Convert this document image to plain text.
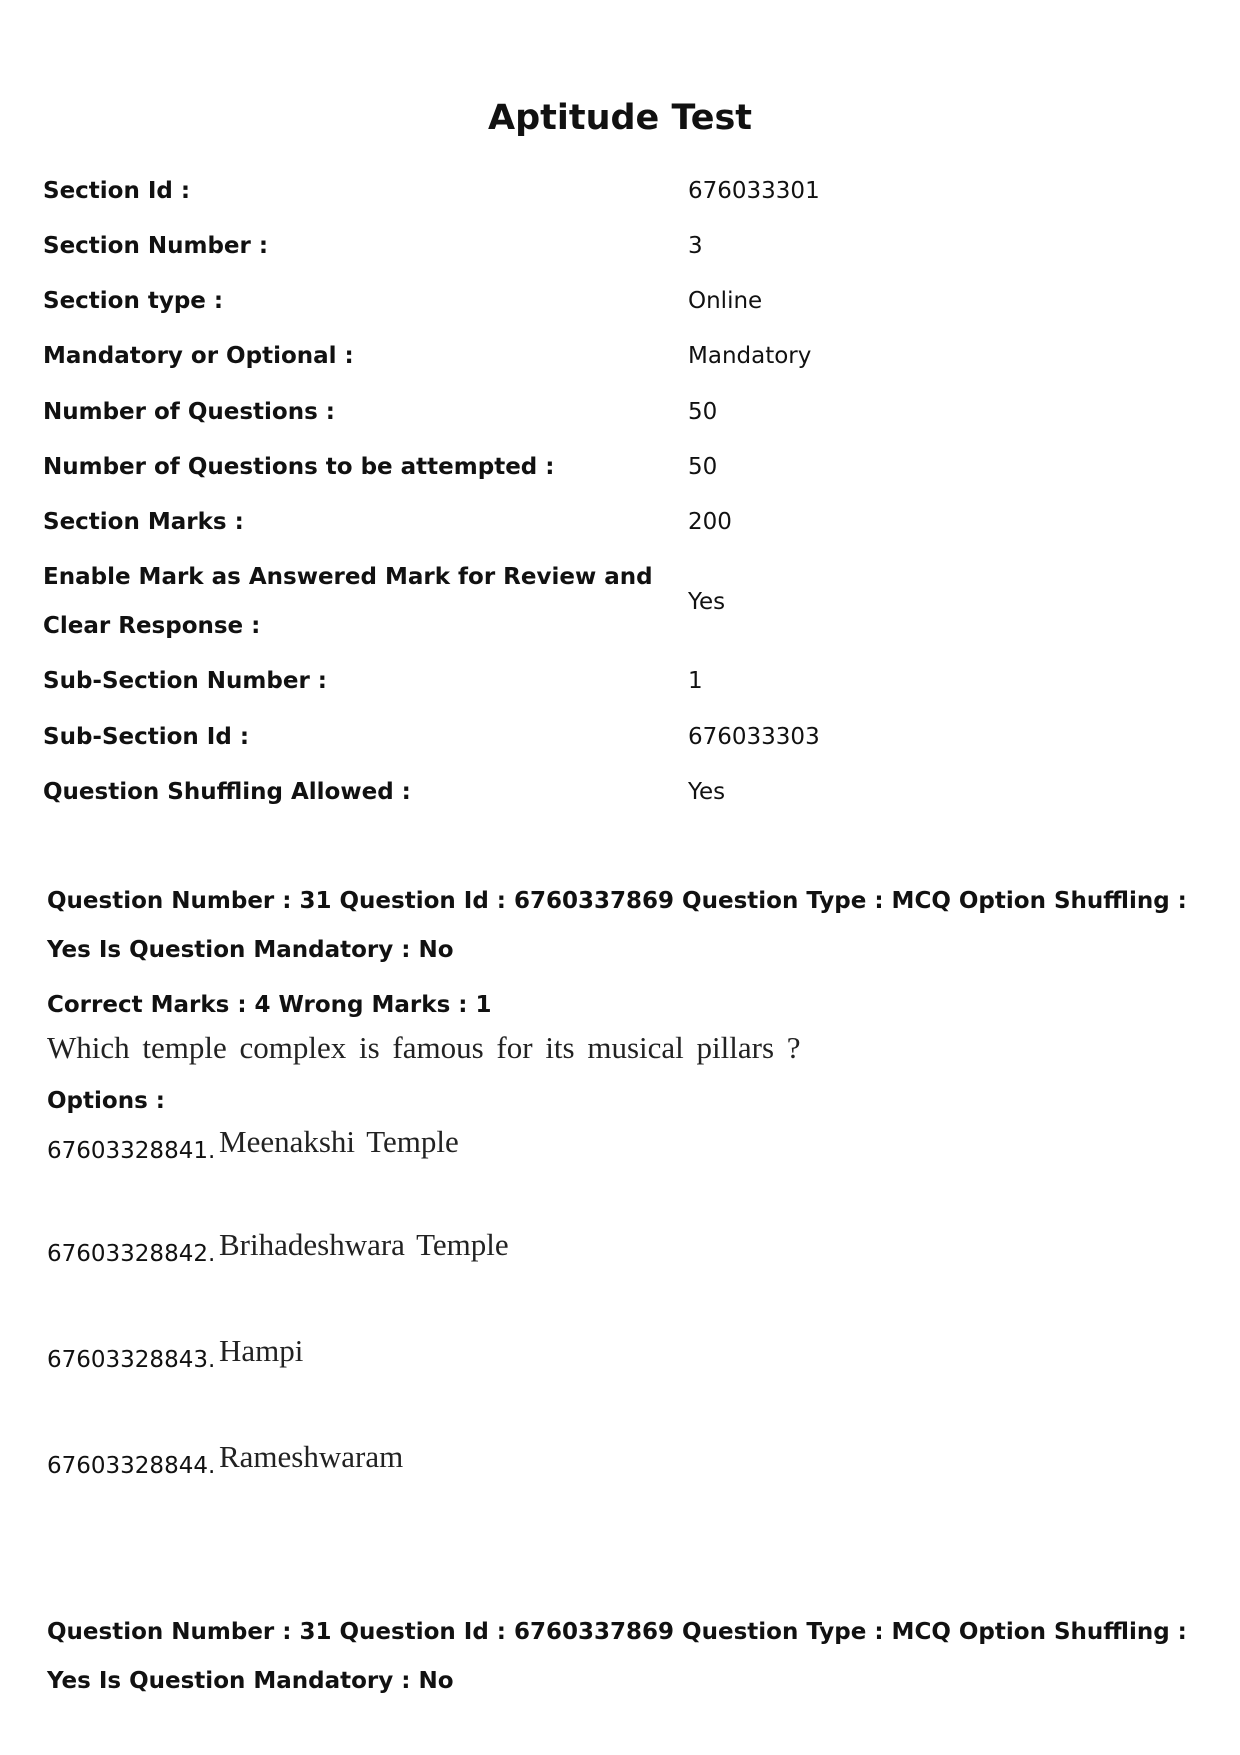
Aptitude Test
Section Id :	676033301
Section Number :	3
Section type :	Online
Mandatory or Optional :	Mandatory
Number of Questions :	50
Number of Questions to be attempted :	50
Section Marks :	200
Enable Mark as Answered Mark for Review and Clear Response :
Yes
Sub-Section Number :	1
Sub-Section Id :	676033303
Question Shuffling Allowed :	Yes
Question Number : 31 Question Id : 6760337869 Question Type : MCQ Option Shuffling : Yes Is Question Mandatory : No
Correct Marks : 4 Wrong Marks : 1
Which temple complex is famous for its musical pillars ?
Options :
67603328841. Meenakshi Temple
67603328842. Brihadeshwara Temple
67603328843. Hampi
67603328844. Rameshwaram
Question Number : 31 Question Id : 6760337869 Question Type : MCQ Option Shuffling : Yes Is Question Mandatory : No
